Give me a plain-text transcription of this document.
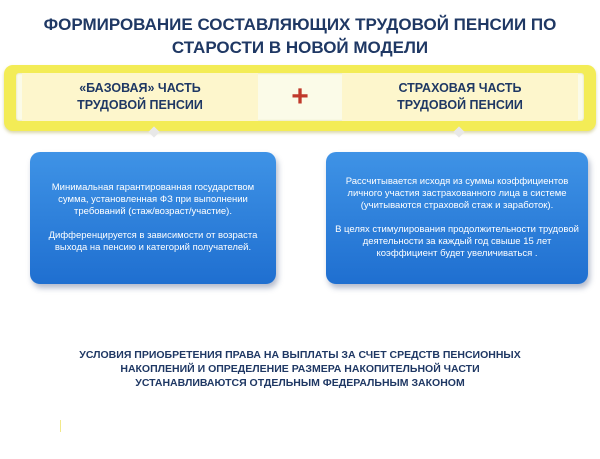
ФОРМИРОВАНИЕ СОСТАВЛЯЮЩИХ ТРУДОВОЙ ПЕНСИИ ПО
СТАРОСТИ В НОВОЙ МОДЕЛИ
«БАЗОВАЯ» ЧАСТЬ
ТРУДОВОЙ ПЕНСИИ	+	СТРАХОВАЯ ЧАСТЬ
ТРУДОВОЙ ПЕНСИИ

Минимальная гарантированная государством сумма, установленная ФЗ при выполнении требований (стаж/возраст/участие).

Дифференцируется в зависимости от возраста выхода на пенсию и категорий получателей.

Рассчитывается исходя из суммы коэффициентов личного участия застрахованного лица в системе (учитываются страховой стаж и заработок).

В целях стимулирования продолжительности трудовой деятельности за каждый год свыше 15 лет коэффициент будет увеличиваться .

УСЛОВИЯ ПРИОБРЕТЕНИЯ ПРАВА НА ВЫПЛАТЫ ЗА СЧЕТ СРЕДСТВ ПЕНСИОННЫХ
НАКОПЛЕНИЙ И ОПРЕДЕЛЕНИЕ РАЗМЕРА НАКОПИТЕЛЬНОЙ ЧАСТИ
УСТАНАВЛИВАЮТСЯ ОТДЕЛЬНЫМ ФЕДЕРАЛЬНЫМ ЗАКОНОМ
